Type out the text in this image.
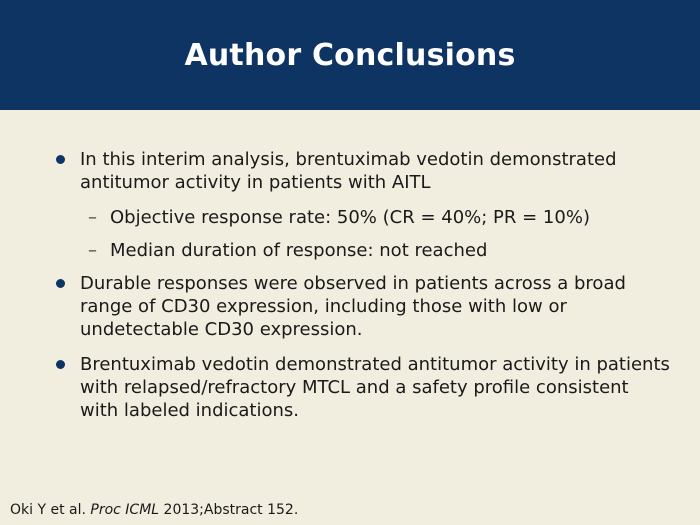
Author Conclusions
In this interim analysis, brentuximab vedotin demonstrated antitumor activity in patients with AITL
– Objective response rate: 50% (CR = 40%; PR = 10%)
– Median duration of response: not reached
Durable responses were observed in patients across a broad range of CD30 expression, including those with low or undetectable CD30 expression.
Brentuximab vedotin demonstrated antitumor activity in patients with relapsed/refractory MTCL and a safety profile consistent with labeled indications.
Oki Y et al. Proc ICML 2013;Abstract 152.
